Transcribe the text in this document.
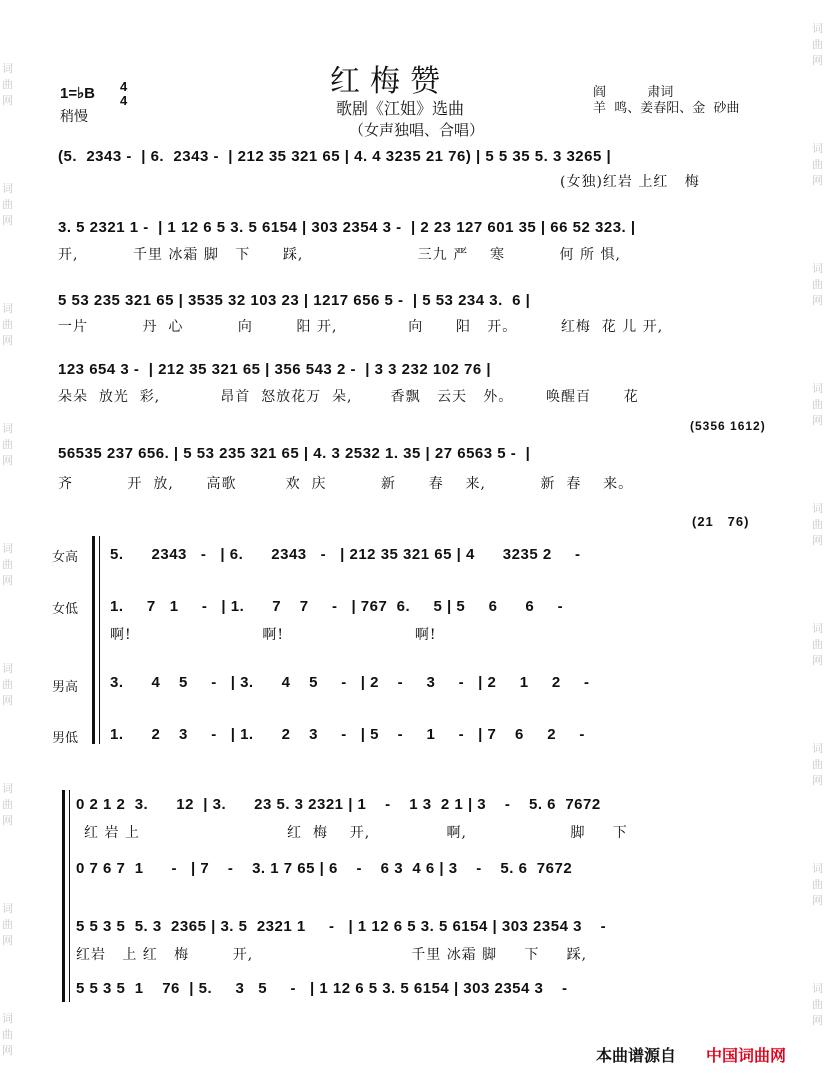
词曲网
词曲网
词曲网
词曲网
词曲网
词曲网
词曲网
词曲网
词曲网
词曲网
词曲网
词曲网
词曲网
词曲网
词曲网
词曲网
词曲网
词曲网
红梅赞
歌剧《江姐》选曲
（女声独唱、合唱）
1=♭B 4
4
稍慢
阎          肃词
羊  鸣、姜春阳、金  砂曲
(5.  2343 -  | 6.  2343 -  | 212 35 321 65 | 4. 4 3235 21 76) | 5 5 35 5. 3 3265 |
(女独)红岩 上红   梅
3. 5 2321 1 -  | 1 12 6 5 3. 5 6154 | 303 2354 3 -  | 2 23 127 601 35 | 66 52 323. |
开,          千里 冰霜 脚   下      踩,                     三九 严    寒          何 所 惧,
5 53 235 321 65 | 3535 32 103 23 | 1217 656 5 -  | 5 53 234 3.  6 |
一片          丹  心          向        阳 开,             向      阳   开。        红梅  花 儿 开,
123 654 3 -  | 212 35 321 65 | 356 543 2 -  | 3 3 232 102 76 |
朵朵  放光  彩,           昂首  怒放花万  朵,       香飘   云天   外。      唤醒百      花
(5356 1612)
56535 237 656. | 5 53 235 321 65 | 4. 3 2532 1. 35 | 27 6563 5 -  |
齐          开  放,      高歌         欢  庆          新      春    来,          新  春    来。
(21   76)
女高 5.      2343   -   | 6.      2343   -   | 212 35 321 65 | 4      3235 2     -
女低 1.     7   1     -   | 1.      7    7     -   | 767  6.     5 | 5     6      6     -
啊!                        啊!                        啊!
男高 3.      4    5     -   | 3.      4    5     -   | 2    -     3     -   | 2     1     2     -
男低 1.      2    3     -   | 1.      2    3     -   | 5    -     1     -   | 7    6     2     -
0 2 1 2  3.      12  | 3.      23 5. 3 2321 | 1    -    1 3  2 1 | 3    -    5. 6  7672
红 岩 上                           红  梅    开,              啊,                   脚     下
0 7 6 7  1      -   | 7    -    3. 1 7 65 | 6    -    6 3  4 6 | 3    -    5. 6  7672
5 5 3 5  5. 3  2365 | 3. 5  2321 1     -   | 1 12 6 5 3. 5 6154 | 303 2354 3    -
红岩   上 红   梅        开,                             千里 冰霜 脚     下     踩,
5 5 3 5  1    76  | 5.     3   5     -   | 1 12 6 5 3. 5 6154 | 303 2354 3    -
本曲谱源自 中国词曲网
